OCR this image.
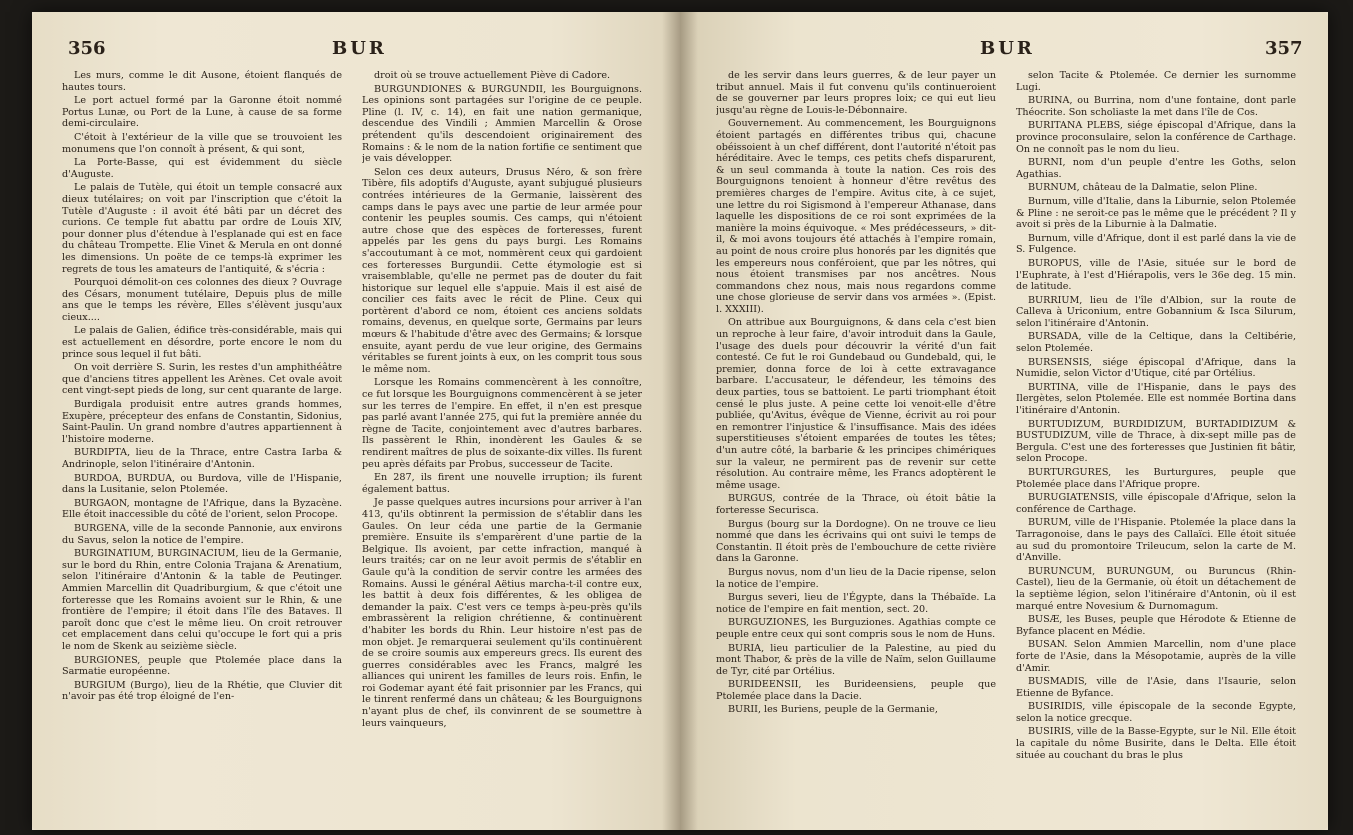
356	BUR

Les murs, comme le dit Ausone, étoient flanqués de hautes tours.

Le port actuel formé par la Garonne étoit nommé Portus Lunæ, ou Port de la Lune, à cause de sa forme demi-circulaire.

C'étoit à l'extérieur de la ville que se trouvoient les monumens que l'on connoît à présent, & qui sont,

La Porte-Basse, qui est évidemment du siècle d'Auguste.

Le palais de Tutèle, qui étoit un temple consacré aux dieux tutélaires; on voit par l'inscription que c'étoit la Tutèle d'Auguste : il avoit été bâti par un décret des curions. Ce temple fut abattu par ordre de Louis XIV, pour donner plus d'étendue à l'esplanade qui est en face du château Trompette. Elie Vinet & Merula en ont donné les dimensions. Un poëte de ce temps-là exprimer les regrets de tous les amateurs de l'antiquité, & s'écria :

Pourquoi démolit-on ces colonnes des dieux ? Ouvrage des Césars, monument tutélaire, Depuis plus de mille ans que le temps les révère, Elles s'élèvent jusqu'aux cieux....

Le palais de Galien, édifice très-considérable, mais qui est actuellement en désordre, porte encore le nom du prince sous lequel il fut bâti.

On voit derrière S. Surin, les restes d'un amphithéâtre que d'anciens titres appellent les Arènes. Cet ovale avoit cent vingt-sept pieds de long, sur cent quarante de large.

Burdigala produisit entre autres grands hommes, Exupère, précepteur des enfans de Constantin, Sidonius, Saint-Paulin. Un grand nombre d'autres appartiennent à l'histoire moderne.

BURDIPTA, lieu de la Thrace, entre Castra Iarba & Andrinople, selon l'itinéraire d'Antonin.

BURDOA, BURDUA, ou Burdova, ville de l'Hispanie, dans la Lusitanie, selon Ptolemée.

BURGAON, montagne de l'Afrique, dans la Byzacène. Elle étoit inaccessible du côté de l'orient, selon Procope.

BURGENA, ville de la seconde Pannonie, aux environs du Savus, selon la notice de l'empire.

BURGINATIUM, BURGINACIUM, lieu de la Germanie, sur le bord du Rhin, entre Colonia Trajana & Arenatium, selon l'itinéraire d'Antonin & la table de Peutinger. Ammien Marcellin dit Quadriburgium, & que c'étoit une forteresse que les Romains avoient sur le Rhin, & une frontière de l'empire; il étoit dans l'île des Bataves. Il paroît donc que c'est le même lieu. On croit retrouver cet emplacement dans celui qu'occupe le fort qui a pris le nom de Skenk au seizième siècle.

BURGIONES, peuple que Ptolemée place dans la Sarmatie européenne.

BURGIUM (Burgo), lieu de la Rhétie, que Cluvier dit n'avoir pas été trop éloigné de l'en-

droit où se trouve actuellement Piève di Cadore.

BURGUNDIONES & BURGUNDII, les Bourguignons. Les opinions sont partagées sur l'origine de ce peuple. Pline (l. IV, c. 14), en fait une nation germanique, descendue des Vindili ; Ammien Marcellin & Orose prétendent qu'ils descendoient originairement des Romains : & le nom de la nation fortifie ce sentiment que je vais développer.

Selon ces deux auteurs, Drusus Néro, & son frère Tibère, fils adoptifs d'Auguste, ayant subjugué plusieurs contrées intérieures de la Germanie, laissèrent des camps dans le pays avec une partie de leur armée pour contenir les peuples soumis. Ces camps, qui n'étoient autre chose que des espèces de forteresses, furent appelés par les gens du pays burgi. Les Romains s'accoutumant à ce mot, nommèrent ceux qui gardoient ces forteresses Burgundii. Cette étymologie est si vraisemblable, qu'elle ne permet pas de douter du fait historique sur lequel elle s'appuie. Mais il est aisé de concilier ces faits avec le récit de Pline. Ceux qui portèrent d'abord ce nom, étoient ces anciens soldats romains, devenus, en quelque sorte, Germains par leurs mœurs & l'habitude d'être avec des Germains; & lorsque ensuite, ayant perdu de vue leur origine, des Germains véritables se furent joints à eux, on les comprit tous sous le même nom.

Lorsque les Romains commencèrent à les connoître, ce fut lorsque les Bourguignons commencèrent à se jeter sur les terres de l'empire. En effet, il n'en est presque pas parlé avant l'année 275, qui fut la première année du règne de Tacite, conjointement avec d'autres barbares. Ils passèrent le Rhin, inondèrent les Gaules & se rendirent maîtres de plus de soixante-dix villes. Ils furent peu après défaits par Probus, successeur de Tacite.

En 287, ils firent une nouvelle irruption; ils furent également battus.

Je passe quelques autres incursions pour arriver à l'an 413, qu'ils obtinrent la permission de s'établir dans les Gaules. On leur céda une partie de la Germanie première. Ensuite ils s'emparèrent d'une partie de la Belgique. Ils avoient, par cette infraction, manqué à leurs traités; car on ne leur avoit permis de s'établir en Gaule qu'à la condition de servir contre les armées des Romains. Aussi le général Aëtius marcha-t-il contre eux, les battit à deux fois différentes, & les obligea de demander la paix. C'est vers ce temps à-peu-près qu'ils embrassèrent la religion chrétienne, & continuèrent d'habiter les bords du Rhin. Leur histoire n'est pas de mon objet. Je remarquerai seulement qu'ils continuèrent de se croire soumis aux empereurs grecs. Ils eurent des guerres considérables avec les Francs, malgré les alliances qui unirent les familles de leurs rois. Enfin, le roi Godemar ayant été fait prisonnier par les Francs, qui le tinrent renfermé dans un château; & les Bourguignons n'ayant plus de chef, ils convinrent de se soumettre à leurs vainqueurs,

BUR	357

de les servir dans leurs guerres, & de leur payer un tribut annuel. Mais il fut convenu qu'ils continueroient de se gouverner par leurs propres loix; ce qui eut lieu jusqu'au règne de Louis-le-Débonnaire.

Gouvernement. Au commencement, les Bourguignons étoient partagés en différentes tribus qui, chacune obéissoient à un chef différent, dont l'autorité n'étoit pas héréditaire. Avec le temps, ces petits chefs disparurent, & un seul commanda à toute la nation. Ces rois des Bourguignons tenoient à honneur d'être revêtus des premières charges de l'empire. Avitus cite, à ce sujet, une lettre du roi Sigismond à l'empereur Athanase, dans laquelle les dispositions de ce roi sont exprimées de la manière la moins équivoque. « Mes prédécesseurs, » dit-il, & moi avons toujours été attachés à l'empire romain, au point de nous croire plus honorés par les dignités que les empereurs nous conféroient, que par les nôtres, qui nous étoient transmises par nos ancêtres. Nous commandons chez nous, mais nous regardons comme une chose glorieuse de servir dans vos armées ». (Epist. l. XXXIII).

On attribue aux Bourguignons, & dans cela c'est bien un reproche à leur faire, d'avoir introduit dans la Gaule, l'usage des duels pour découvrir la vérité d'un fait contesté. Ce fut le roi Gundebaud ou Gundebald, qui, le premier, donna force de loi à cette extravagance barbare. L'accusateur, le défendeur, les témoins des deux parties, tous se battoient. Le parti triomphant étoit censé le plus juste. A peine cette loi venoit-elle d'être publiée, qu'Avitus, évêque de Vienne, écrivit au roi pour en remontrer l'injustice & l'insuffisance. Mais des idées superstitieuses s'étoient emparées de toutes les têtes; d'un autre côté, la barbarie & les principes chimériques sur la valeur, ne permirent pas de revenir sur cette résolution. Au contraire même, les Francs adoptèrent le même usage.

BURGUS, contrée de la Thrace, où étoit bâtie la forteresse Securisca.

Burgus (bourg sur la Dordogne). On ne trouve ce lieu nommé que dans les écrivains qui ont suivi le temps de Constantin. Il étoit près de l'embouchure de cette rivière dans la Garonne.

Burgus novus, nom d'un lieu de la Dacie ripense, selon la notice de l'empire.

Burgus severi, lieu de l'Égypte, dans la Thébaïde. La notice de l'empire en fait mention, sect. 20.

BURGUZIONES, les Burguziones. Agathias compte ce peuple entre ceux qui sont compris sous le nom de Huns.

BURIA, lieu particulier de la Palestine, au pied du mont Thabor, & près de la ville de Naïm, selon Guillaume de Tyr, cité par Ortélius.

BURIDEENSII, les Burideensiens, peuple que Ptolemée place dans la Dacie.

BURII, les Buriens, peuple de la Germanie,

selon Tacite & Ptolemée. Ce dernier les surnomme Lugi.

BURINA, ou Burrina, nom d'une fontaine, dont parle Théocrite. Son scholiaste la met dans l'île de Cos.

BURITANA PLEBS, siége épiscopal d'Afrique, dans la province proconsulaire, selon la conférence de Carthage. On ne connoît pas le nom du lieu.

BURNI, nom d'un peuple d'entre les Goths, selon Agathias.

BURNUM, château de la Dalmatie, selon Pline.

Burnum, ville d'Italie, dans la Liburnie, selon Ptolemée & Pline : ne seroit-ce pas le même que le précédent ? Il y avoit si près de la Liburnie à la Dalmatie.

Burnum, ville d'Afrique, dont il est parlé dans la vie de S. Fulgence.

BUROPUS, ville de l'Asie, située sur le bord de l'Euphrate, à l'est d'Hiérapolis, vers le 36e deg. 15 min. de latitude.

BURRIUM, lieu de l'île d'Albion, sur la route de Calleva à Uriconium, entre Gobannium & Isca Silurum, selon l'itinéraire d'Antonin.

BURSADA, ville de la Celtique, dans la Celtibérie, selon Ptolemée.

BURSENSIS, siége épiscopal d'Afrique, dans la Numidie, selon Victor d'Utique, cité par Ortélius.

BURTINA, ville de l'Hispanie, dans le pays des Ilergètes, selon Ptolemée. Elle est nommée Bortina dans l'itinéraire d'Antonin.

BURTUDIZUM, BURDIDIZUM, BURTADIDIZUM & BUSTUDIZUM, ville de Thrace, à dix-sept mille pas de Bergula. C'est une des forteresses que Justinien fit bâtir, selon Procope.

BURTURGURES, les Burturgures, peuple que Ptolemée place dans l'Afrique propre.

BURUGIATENSIS, ville épiscopale d'Afrique, selon la conférence de Carthage.

BURUM, ville de l'Hispanie. Ptolemée la place dans la Tarragonoise, dans le pays des Callaïci. Elle étoit située au sud du promontoire Trileucum, selon la carte de M. d'Anville.

BURUNCUM, BURUNGUM, ou Buruncus (Rhin-Castel), lieu de la Germanie, où étoit un détachement de la septième légion, selon l'itinéraire d'Antonin, où il est marqué entre Novesium & Durnomagum.

BUSÆ, les Buses, peuple que Hérodote & Etienne de Byfance placent en Médie.

BUSAN. Selon Ammien Marcellin, nom d'une place forte de l'Asie, dans la Mésopotamie, auprès de la ville d'Amir.

BUSMADIS, ville de l'Asie, dans l'Isaurie, selon Etienne de Byfance.

BUSIRIDIS, ville épiscopale de la seconde Egypte, selon la notice grecque.

BUSIRIS, ville de la Basse-Egypte, sur le Nil. Elle étoit la capitale du nôme Busirite, dans le Delta. Elle étoit située au couchant du bras le plus
